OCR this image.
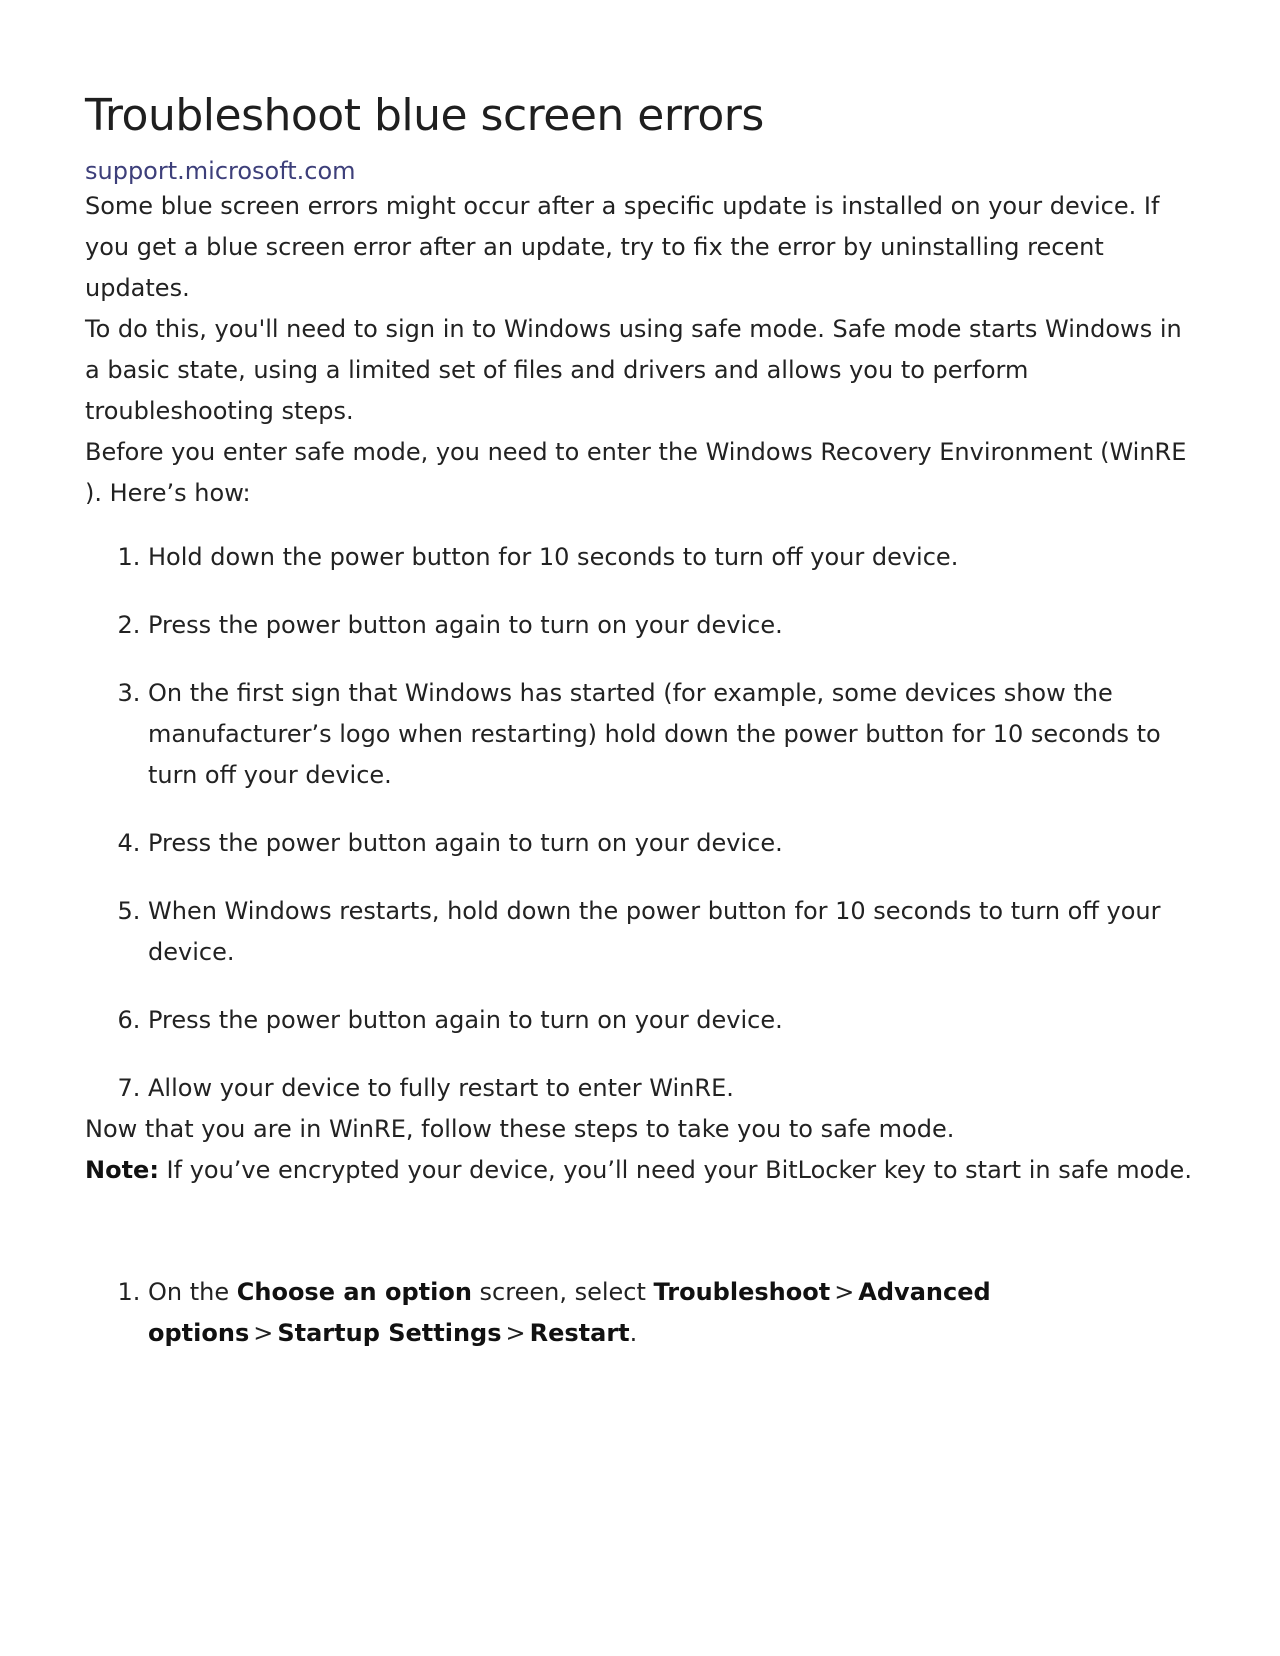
Troubleshoot blue screen errors
support.microsoft.com

Some blue screen errors might occur after a specific update is installed on your device. If you get a blue screen error after an update, try to fix the error by uninstalling recent updates.

To do this, you'll need to sign in to Windows using safe mode. Safe mode starts Windows in a basic state, using a limited set of files and drivers and allows you to perform troubleshooting steps.

Before you enter safe mode, you need to enter the Windows Recovery Environment (WinRE ). Here’s how:

1. Hold down the power button for 10 seconds to turn off your device.
2. Press the power button again to turn on your device.
3. On the first sign that Windows has started (for example, some devices show the manufacturer’s logo when restarting) hold down the power button for 10 seconds to turn off your device.
4. Press the power button again to turn on your device.
5. When Windows restarts, hold down the power button for 10 seconds to turn off your device.
6. Press the power button again to turn on your device.
7. Allow your device to fully restart to enter WinRE.

Now that you are in WinRE, follow these steps to take you to safe mode.

Note: If you’ve encrypted your device, you’ll need your BitLocker key to start in safe mode.

1. On the Choose an option screen, select Troubleshoot > Advanced options > Startup Settings > Restart.
